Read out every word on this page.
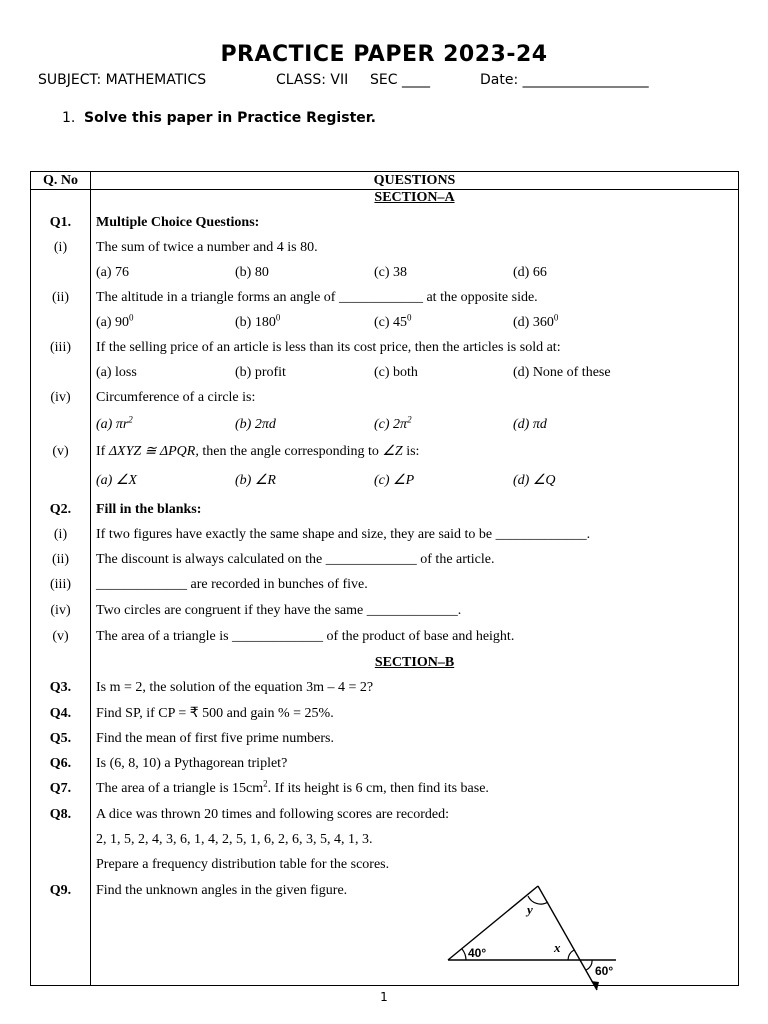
PRACTICE PAPER 2023-24
SUBJECT: MATHEMATICS	CLASS: VII SEC ____	Date: __________________
1. Solve this paper in Practice Register.
Q. No	QUESTIONS
SECTION–A
Q1.	Multiple Choice Questions:
(i)	The sum of twice a number and 4 is 80.
(a) 76	(b) 80	(c) 38	(d) 66
(ii)	The altitude in a triangle forms an angle of ____________ at the opposite side.
(a) $90^0$	(b) $180^0$	(c) $45^0$	(d) $360^0$
(iii)	If the selling price of an article is less than its cost price, then the articles is sold at:
(a) loss	(b) profit	(c) both	(d) None of these
(iv)	Circumference of a circle is:
(a) $\pi r^2$	(b) 2πd	(c) $2\pi^2$	(d) πd
(v)	If ΔXYZ ≅ ΔPQR, then the angle corresponding to ∠Z is:
(a) ∠X	(b) ∠R	(c) ∠P	(d) ∠Q
Q2.	Fill in the blanks:
(i)	If two figures have exactly the same shape and size, they are said to be _____________.
(ii)	The discount is always calculated on the _____________ of the article.
(iii)	_____________ are recorded in bunches of five.
(iv)	Two circles are congruent if they have the same _____________.
(v)	The area of a triangle is _____________ of the product of base and height.
SECTION–B
Q3.	Is m = 2, the solution of the equation 3m – 4 = 2?
Q4.	Find SP, if CP = ₹ 500 and gain % = 25%.
Q5.	Find the mean of first five prime numbers.
Q6.	Is (6, 8, 10) a Pythagorean triplet?
Q7.	The area of a triangle is $15cm^2$. If its height is 6 cm, then find its base.
Q8.	A dice was thrown 20 times and following scores are recorded:
2, 1, 5, 2, 4, 3, 6, 1, 4, 2, 5, 1, 6, 2, 6, 3, 5, 4, 1, 3.
Prepare a frequency distribution table for the scores.
Q9.	Find the unknown angles in the given figure.
40°
y
x
60°
1
